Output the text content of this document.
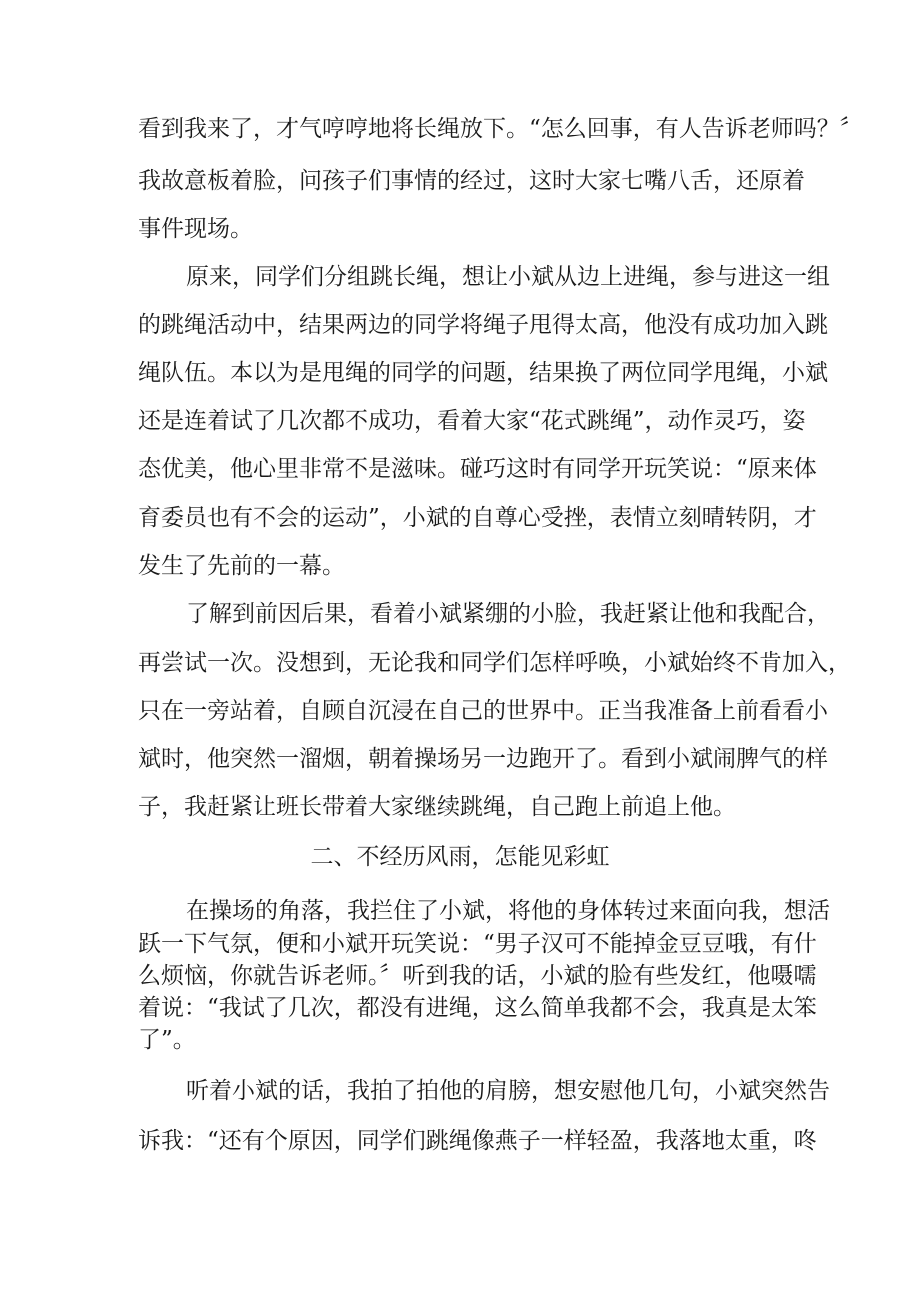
看到我来了，才气哼哼地将长绳放下。“怎么回事，有人告诉老师吗？〞
我故意板着脸，问孩子们事情的经过，这时大家七嘴八舌，还原着
事件现场。
原来，同学们分组跳长绳，想让小斌从边上进绳，参与进这一组
的跳绳活动中，结果两边的同学将绳子甩得太高，他没有成功加入跳
绳队伍。本以为是甩绳的同学的问题，结果换了两位同学甩绳，小斌
还是连着试了几次都不成功，看着大家“花式跳绳”，动作灵巧，姿
态优美，他心里非常不是滋味。碰巧这时有同学开玩笑说：“原来体
育委员也有不会的运动”，小斌的自尊心受挫，表情立刻晴转阴，才
发生了先前的一幕。
了解到前因后果，看着小斌紧绷的小脸，我赶紧让他和我配合，
再尝试一次。没想到，无论我和同学们怎样呼唤，小斌始终不肯加入，
只在一旁站着，自顾自沉浸在自己的世界中。正当我准备上前看看小
斌时，他突然一溜烟，朝着操场另一边跑开了。看到小斌闹脾气的样
子，我赶紧让班长带着大家继续跳绳，自己跑上前追上他。
二、不经历风雨，怎能见彩虹
在操场的角落，我拦住了小斌，将他的身体转过来面向我，想活
跃一下气氛，便和小斌开玩笑说：“男子汉可不能掉金豆豆哦，有什
么烦恼，你就告诉老师。〞听到我的话，小斌的脸有些发红，他嗫嚅
着说：“我试了几次，都没有进绳，这么简单我都不会，我真是太笨
了”。
听着小斌的话，我拍了拍他的肩膀，想安慰他几句，小斌突然告
诉我：“还有个原因，同学们跳绳像燕子一样轻盈，我落地太重，咚
